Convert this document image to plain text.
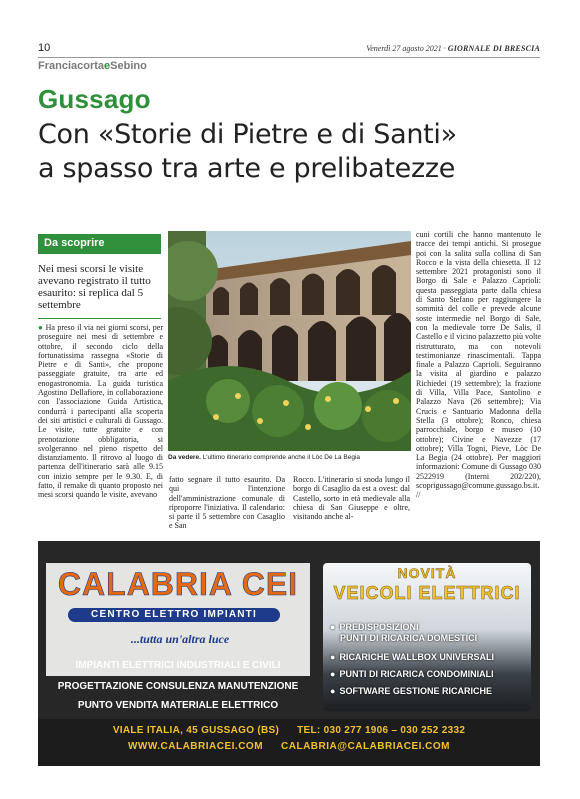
10	Venerdì 27 agosto 2021 · GIORNALE DI BRESCIA
FranciacortaeSebino
Gussago
Con «Storie di Pietre e di Santi»
a spasso tra arte e prelibatezze
Da scoprire
Nei mesi scorsi le visite avevano registrato il tutto esaurito: si replica dal 5 settembre
● Ha preso il via nei giorni scorsi, per proseguire nei mesi di settembre e ottobre, il secondo ciclo della fortunatissima rassegna «Storie di Pietre e di Santi», che propone passeggiate gratuite, tra arte ed enogastronomia. La guida turistica Agostino Dellafiore, in collaborazione con l'associazione Guida Artistica, condurrà i partecipanti alla scoperta dei siti artistici e culturali di Gussago. Le visite, tutte gratuite e con prenotazione obbligatoria, si svolgeranno nel pieno rispetto del distanziamento. Il ritrovo al luogo di partenza dell'itinerario sarà alle 9.15 con inizio sempre per le 9.30. E, di fatto, il remake di quanto proposto nei mesi scorsi quando le visite, avevano
fatto segnare il tutto esaurito. Da qui l'intenzione dell'amministrazione comunale di riproporre l'iniziativa. Il calendario: si parte il 5 settembre con Casaglio e San
Rocco. L'itinerario si snoda lungo il borgo di Casaglio da est a ovest: dal Castello, sorto in età medievale alla chiesa di San Giuseppe e oltre, visitando anche al-
cuni cortili che hanno mantenuto le tracce dei tempi antichi. Si prosegue poi con la salita sulla collina di San Rocco e la vista della chiesetta. Il 12 settembre 2021 protagonisti sono il Borgo di Sale e Palazzo Caprioli: questa passeggiata parte dalla chiesa di Santo Stefano per raggiungere la sommità del colle e prevede alcune soste intermedie nel Borgo di Sale, con la medievale torre De Salis, il Castello e il vicino palazzetto più volte ristrutturato, ma con notevoli testimonianze rinascimentali. Tappa finale a Palazzo Caprioli. Seguiranno la visita al giardino e palazzo Richiedei (19 settembre); la frazione di Villa, Villa Pace, Santolino e Palazzo Nava (26 settembre); Via Crucis e Santuario Madonna della Stella (3 ottobre); Ronco, chiesa parrocchiale, borgo e museo (10 ottobre); Civine e Navezze (17 ottobre); Villa Togni, Pieve, Lòc De La Begia (24 ottobre). Per maggiori informazioni: Comune di Gussago 030 2522919 (Interni 202/220), scoprigussago@comune.gussago.bs.it. //
Da vedere. L'ultimo itinerario comprende anche il Lòc De La Begia
CALABRIA CEI
CENTRO ELETTRO IMPIANTI
...tutta un'altra luce
IMPIANTI ELETTRICI INDUSTRIALI E CIVILI
PROGETTAZIONE CONSULENZA MANUTENZIONE
PUNTO VENDITA MATERIALE ELETTRICO
NOVITÀ
VEICOLI ELETTRICI
● PREDISPOSIZIONI
PUNTI DI RICARICA DOMESTICI
● RICARICHE WALLBOX UNIVERSALI
● PUNTI DI RICARICA CONDOMINIALI
● SOFTWARE GESTIONE RICARICHE
VIALE ITALIA, 45 GUSSAGO (BS) TEL: 030 277 1906 – 030 252 2332
WWW.CALABRIACEI.COM CALABRIA@CALABRIACEI.COM
